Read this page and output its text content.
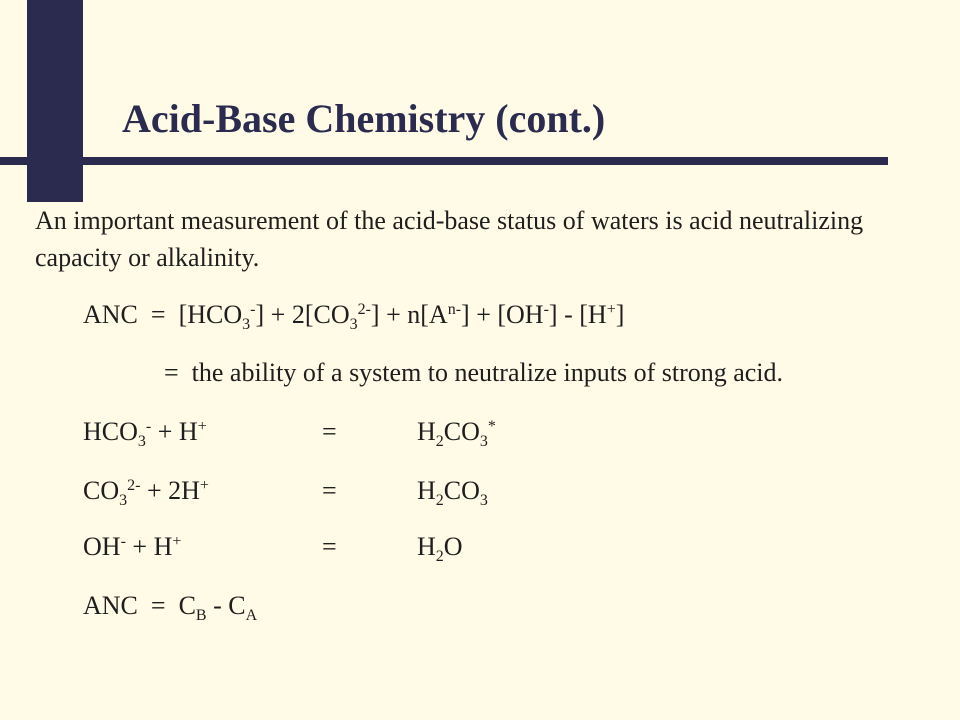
Acid-Base Chemistry (cont.)

An important measurement of the acid-base status of waters is acid neutralizing capacity or alkalinity.

ANC = $[HCO_3^-] + 2[CO_3^{2-}] + n[A^{n-}] + [OH^-] - [H^+]$
= the ability of a system to neutralize inputs of strong acid.
$HCO_3^- + H^+$	=	$H_2CO_3^*$
$CO_3^{2-} + 2H^+$	=	$H_2CO_3$
OH- + H+	=	$H_2O$
ANC = $C_B - C_A$
